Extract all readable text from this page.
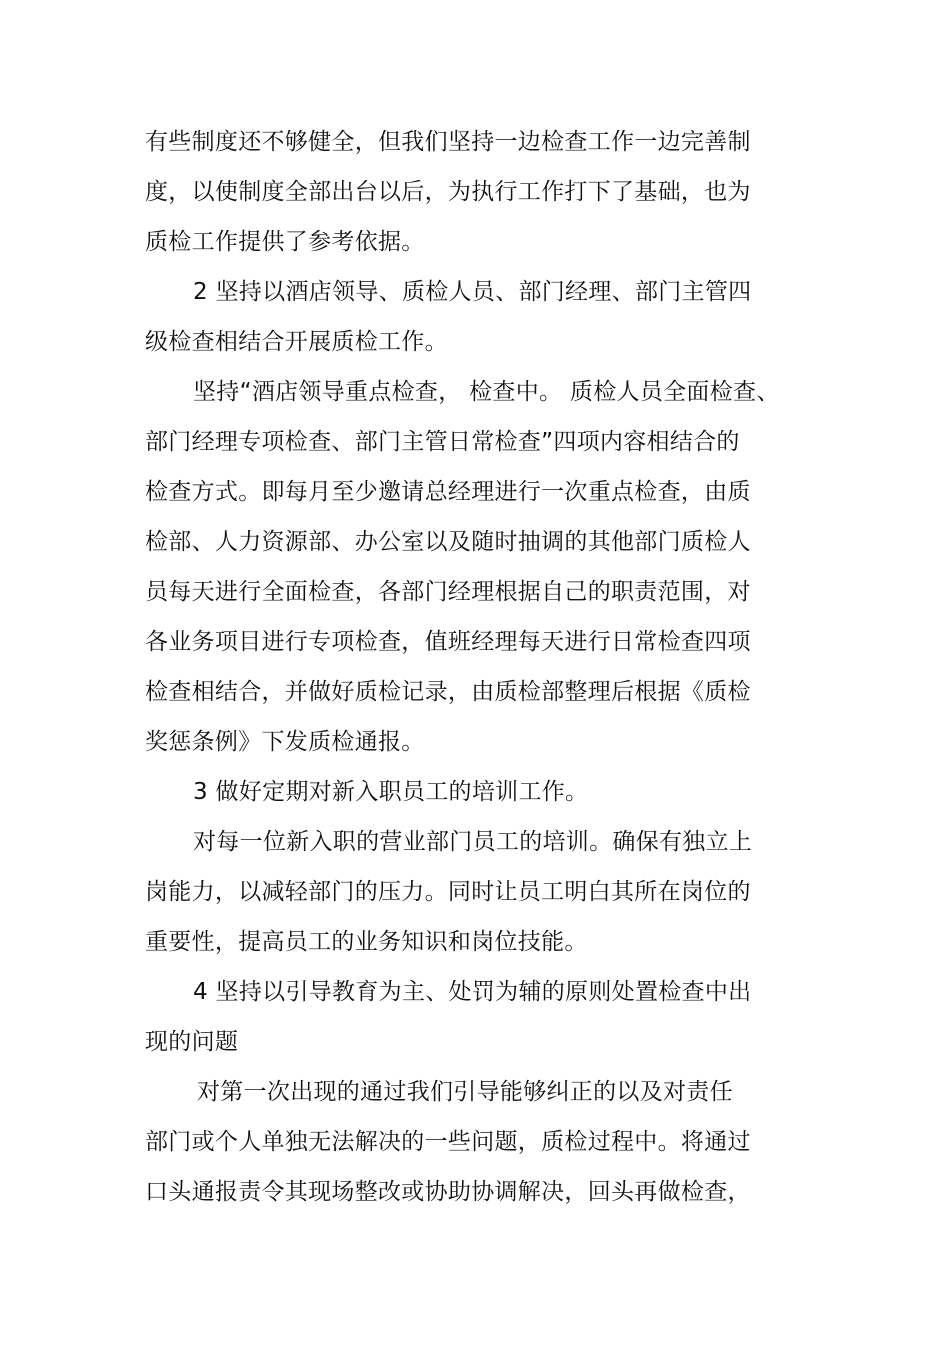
有些制度还不够健全，但我们坚持一边检查工作一边完善制
度，以使制度全部出台以后，为执行工作打下了基础，也为
质检工作提供了参考依据。
2 坚持以酒店领导、质检人员、部门经理、部门主管四
级检查相结合开展质检工作。
坚持“酒店领导重点检查， 检查中。 质检人员全面检查、
部门经理专项检查、部门主管日常检查”四项内容相结合的
检查方式。即每月至少邀请总经理进行一次重点检查，由质
检部、人力资源部、办公室以及随时抽调的其他部门质检人
员每天进行全面检查，各部门经理根据自己的职责范围，对
各业务项目进行专项检查，值班经理每天进行日常检查四项
检查相结合，并做好质检记录，由质检部整理后根据《质检
奖惩条例》下发质检通报。
3 做好定期对新入职员工的培训工作。
对每一位新入职的营业部门员工的培训。确保有独立上
岗能力，以减轻部门的压力。同时让员工明白其所在岗位的
重要性，提高员工的业务知识和岗位技能。
4 坚持以引导教育为主、处罚为辅的原则处置检查中出
现的问题
对第一次出现的通过我们引导能够纠正的以及对责任
部门或个人单独无法解决的一些问题，质检过程中。将通过
口头通报责令其现场整改或协助协调解决，回头再做检查，
